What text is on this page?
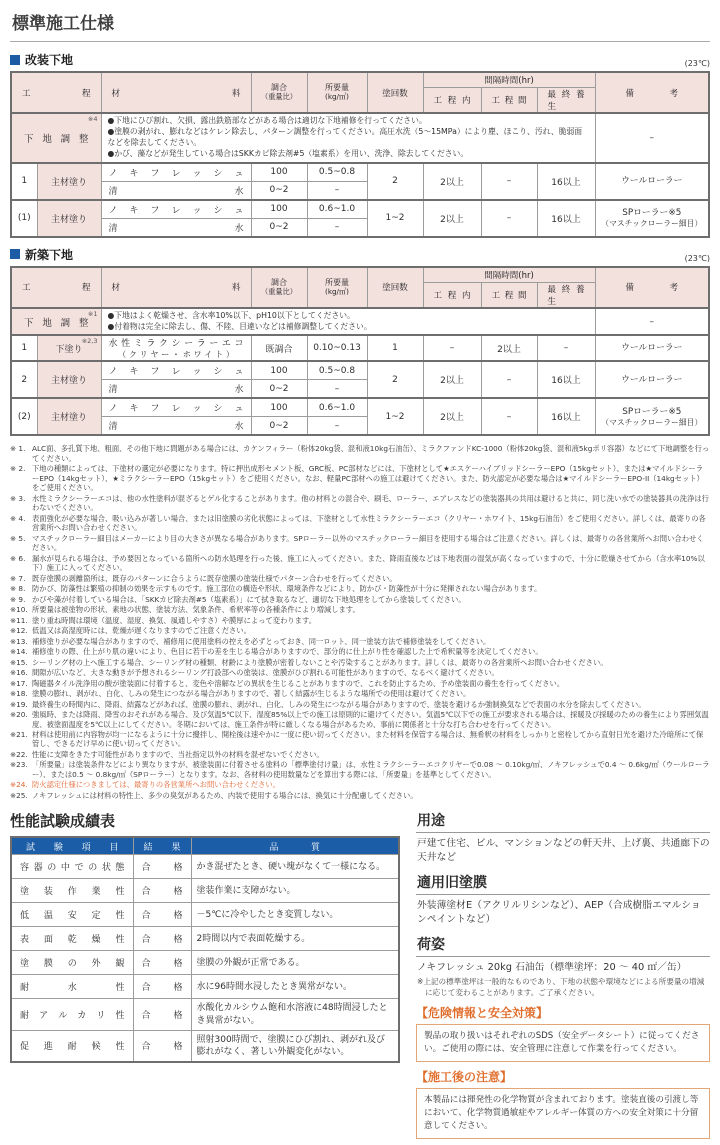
標準施工仕様
改装下地	(23℃)
工 程	材 料	
調合
（重量比）

所要量
(kg/㎡)	塗回数	間隔時間(hr)	備 考
						工 程 内	工 程 間	最 終 養 生	

※4
下 地 調 整

●下地にひび割れ、欠損、露出鉄筋部などがある場合は適切な下地補修を行ってください。
●塗膜の剥がれ、膨れなどはケレン除去し、パターン調整を行ってください。高圧水洗（5～15MPa）により塵、ほこり、汚れ、脆弱面などを除去してください。
●かび、藻などが発生している場合はSKKカビ除去剤#5（塩素系）を用い、洗浄、除去してください。
	–
1	主材塗り	ノ キ フ レ ッ シ ュ	100	0.5~0.8	2	2以上	–	16以上	ウールローラー

		清 水	0~2	–					
(1)	主材塗り	ノ キ フ レ ッ シ ュ	100	0.6~1.0	1~2	2以上	–	16以上	SPローラー※5
（マスチックローラー細目）

		清 水	0~2	–					
新築下地	(23℃)
工 程	材 料	
調合
（重量比）

所要量
(kg/㎡)	塗回数	間隔時間(hr)	備 考
						工 程 内	工 程 間	最 終 養 生	

※1
下 地 調 整

●下地はよく乾燥させ、含水率10%以下、pH10以下としてください。
●付着物は完全に除去し、傷、不陸、目違いなどは補修調整してください。	–
1	
※2,3
下塗り

水 性 ミ ラ ク シ ー ラ ー エ コ
（ ク リ ヤ ー ・ ホ ワ イ ト ）	既調合	0.10~0.13	1	–	2以上	–	ウールローラー

2	主材塗り	ノ キ フ レ ッ シ ュ	100	0.5~0.8	2	2以上	–	16以上	ウールローラー

		清 水	0~2	–					
(2)	主材塗り	ノ キ フ レ ッ シ ュ	100	0.6~1.0	1~2	2以上	–	16以上	SPローラー※5
（マスチックローラー細目）

		清 水	0~2	–					
※ 1. ALC面、多孔質下地、粗面、その他下地に問題がある場合には、カケンフィラー（粉体20kg袋、混和液10kg石油缶）、ミラクファンドKC-1000（粉体20kg袋、混和液5kgポリ容器）などにて下地調整を行ってください。
※ 2. 下地の種類によっては、下塗材の選定が必要になります。特に押出成形セメント板、GRC板、PC部材などには、下塗材として★エスケーハイブリッドシーラーEPO（15kgセット）、または★マイルドシーラーEPO（14kgセット）、★ミラクシーラーEPO（15kgセット）をご使用ください。なお、軽量PC部材への施工は避けてください。また、防火認定が必要な場合は★マイルドシーラーEPO-II（14kgセット）をご使用ください。
※ 3. 水性ミラクシーラーエコは、他の水性塗料が混ざるとゲル化することがあります。他の材料との混合や、刷毛、ローラー、エアレスなどの塗装器具の共用は避けると共に、同じ洗い水での塗装器具の洗浄は行わないでください。
※ 4. 表面強化が必要な場合、吸い込みが著しい場合、または旧塗膜の劣化状態によっては、下塗材として水性ミラクシーラーエコ（クリヤー・ホワイト、15kg石油缶）をご使用ください。詳しくは、最寄りの各営業所へお問い合わせください。
※ 5. マスチックローラー細目はメーカーにより目の大きさが異なる場合があります。SPローラー以外のマスチックローラー細目を使用する場合はご注意ください。詳しくは、最寄りの各営業所へお問い合わせください。
※ 6. 漏水が見られる場合は、予め要因となっている箇所への防水処理を行った後、施工に入ってください。また、降雨直後などは下地表面の湿気が高くなっていますので、十分に乾燥させてから（含水率10%以下）施工に入ってください。
※ 7. 既存塗膜の剥離箇所は、既存のパターンに合うように既存塗膜の塗装仕様でパターン合わせを行ってください。
※ 8. 防かび、防藻性は繁殖の抑制の効果を示すものです。施工部位の構造や形状、環境条件などにより、防かび・防藻性が十分に発揮されない場合があります。
※ 9. かびや藻が付着している場合は、「SKKカビ除去剤#5（塩素系）」にて拭き取るなど、適切な下地処理をしてから塗装してください。
※10. 所要量は被塗物の形状、素地の状態、塗装方法、気象条件、希釈率等の各種条件により増減します。
※11. 塗り重ね時間は環境（温度、湿度、換気、風通しやすさ）や膜厚によって変わります。
※12. 低温又は高湿度時には、乾燥が遅くなりますのでご注意ください。
※13. 補修塗りが必要な場合がありますので、補修用に使用塗料の控えを必ずとっておき、同一ロット、同一塗装方法で補修塗装をしてください。
※14. 補修塗りの際、仕上がり肌の違いにより、色目に若干の差を生じる場合がありますので、部分的に仕上がり性を確認した上で希釈量等を決定してください。
※15. シーリング材の上へ施工する場合、シーリング材の種類、材齢により塗膜が密着しないことや汚染することがあります。詳しくは、最寄りの各営業所へお問い合わせください。
※16. 間隙が広いなど、大きな動きが予想されるシーリング打設部への塗装は、塗膜がひび割れる可能性がありますので、なるべく避けてください。
※17. 陶磁器タイル洗浄用の酸が塗装面に付着すると、変色や溶解などの異状を生じることがありますので、これを防止するため、予め塗装面の養生を行ってください。
※18. 塗膜の膨れ、剥がれ、白化、しみの発生につながる場合がありますので、著しく結露が生じるような場所での使用は避けてください。
※19. 最終養生の時間内に、降雨、結露などがあれば、塗膜の膨れ、剥がれ、白化、しみの発生につながる場合がありますので、塗装を避けるか強制換気などで表面の水分を除去してください。
※20. 強風時、または降雨、降雪のおそれがある場合、及び気温5℃以下、湿度85%以上での施工は原則的に避けてください。気温5℃以下での施工が要求される場合は、採暖及び採暖のための養生により雰囲気温度、被塗面温度を5℃以上にしてください。冬期においては、施工条件が特に厳しくなる場合があるため、事前に関係者と十分な打ち合わせを行ってください。
※21. 材料は使用前に内容物が均一になるように十分に攪拌し、開栓後は速やかに一度に使い切ってください。また材料を保管する場合は、無希釈の材料をしっかりと密栓してから直射日光を避けた冷暗所にて保管し、できるだけ早めに使い切ってください。
※22. 性能に支障をきたす可能性がありますので、当社指定以外の材料を混ぜないでください。
※23. 「所要量」は塗装条件などにより異なりますが、被塗装面に付着させる塗料の「標準塗付け量」は、水性ミラクシーラーエコクリヤーで0.08 ～ 0.10kg/㎡、ノキフレッシュで0.4 ～ 0.6kg/㎡（ウールローラー）、または0.5 ～ 0.8kg/㎡（SPローラー）となります。なお、各材料の使用数量などを算出する際には、「所要量」を基準としてください。
※24. 防火認定仕様につきましては、最寄りの各営業所へお問い合わせください。
※25. ノキフレッシュには材料の特性上、多少の臭気があるため、内装で使用する場合には、換気に十分配慮してください。
性能試験成績表
試 験 項 目	結 果	品 質
容 器 の 中 で の 状 態	合 格	かき混ぜたとき、硬い塊がなくて一様になる。
塗 装 作 業 性	合 格	塗装作業に支障がない。
低 温 安 定 性	合 格	－5℃に冷やしたとき変質しない。
表 面 乾 燥 性	合 格	2時間以内で表面乾燥する。
塗 膜 の 外 観	合 格	塗膜の外観が正常である。
耐 水 性	合 格	水に96時間水浸したとき異常がない。
耐 ア ル カ リ 性	合 格	水酸化カルシウム飽和水溶液に48時間浸したとき異常がない。
促 進 耐 候 性	合 格	照射300時間で、塗膜にひび割れ、剥がれ及び膨れがなく、著しい外観変化がない。
用途
戸建て住宅、ビル、マンションなどの軒天井、上げ裏、共通廊下の天井など
適用旧塗膜
外装薄塗材E（アクリルリシンなど）、AEP（合成樹脂エマルションペイントなど）
荷姿
ノキフレッシュ 20kg 石油缶（標準塗坪：20 ～ 40 ㎡／缶）
※上記の標準塗坪は一般的なものであり、下地の状態や環境などによる所要量の増減に応じて変わることがあります。ご了承ください。
【危険情報と安全対策】
製品の取り扱いはそれぞれのSDS（安全データシート）に従ってください。ご使用の際には、安全管理に注意して作業を行ってください。
【施工後の注意】
本製品には揮発性の化学物質が含まれております。塗装直後の引渡し等において、化学物質過敏症やアレルギー体質の方への安全対策に十分留意してください。
